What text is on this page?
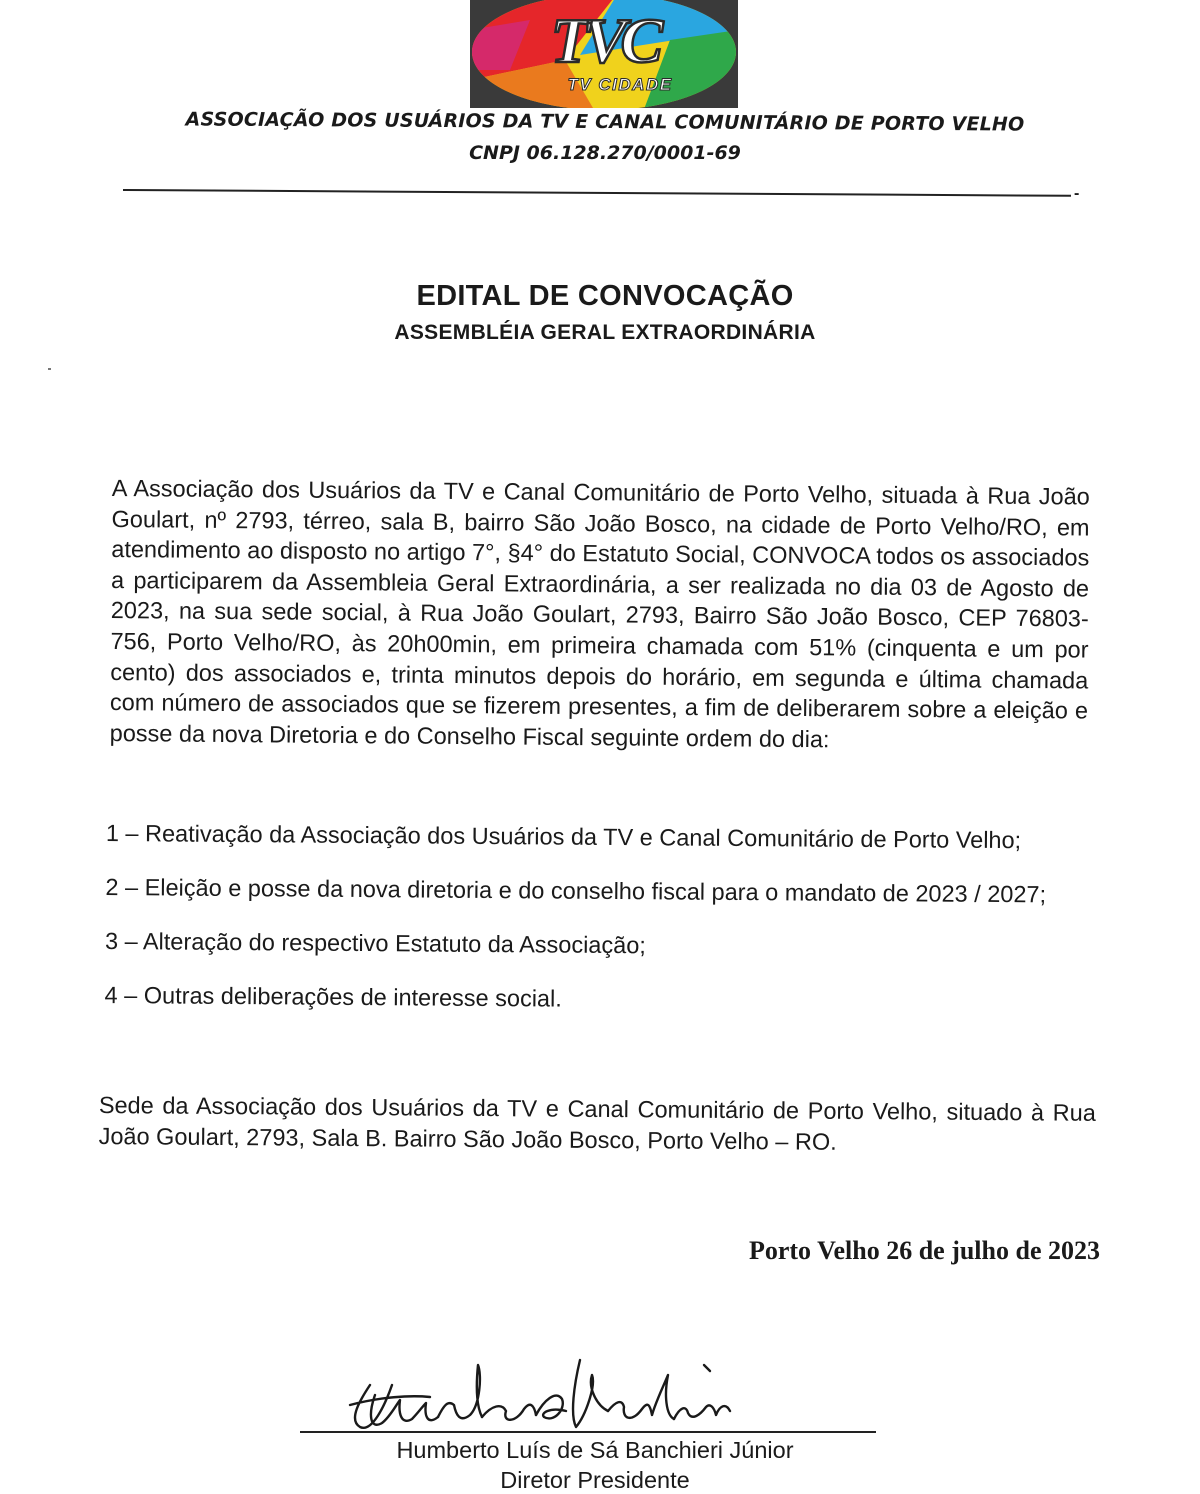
TVC
TV CIDADE
ASSOCIAÇÃO DOS USUÁRIOS DA TV E CANAL COMUNITÁRIO DE PORTO VELHO
CNPJ 06.128.270/0001-69
-
EDITAL DE CONVOCAÇÃO
ASSEMBLÉIA GERAL EXTRAORDINÁRIA
A Associação dos Usuários da TV e Canal Comunitário de Porto Velho, situada à Rua João Goulart, nº 2793, térreo, sala B, bairro São João Bosco, na cidade de Porto Velho/RO, em atendimento ao disposto no artigo 7°, §4° do Estatuto Social, CONVOCA todos os associados a participarem da Assembleia Geral Extraordinária, a ser realizada no dia 03 de Agosto de 2023, na sua sede social, à Rua João Goulart, 2793, Bairro São João Bosco, CEP 76803-756, Porto Velho/RO, às 20h00min, em primeira chamada com 51% (cinquenta e um por cento) dos associados e, trinta minutos depois do horário, em segunda e última chamada com número de associados que se fizerem presentes, a fim de deliberarem sobre a eleição e posse da nova Diretoria e do Conselho Fiscal seguinte ordem do dia:
1 – Reativação da Associação dos Usuários da TV e Canal Comunitário de Porto Velho;
2 – Eleição e posse da nova diretoria e do conselho fiscal para o mandato de 2023 / 2027;
3 – Alteração do respectivo Estatuto da Associação;
4 – Outras deliberações de interesse social.
Sede da Associação dos Usuários da TV e Canal Comunitário de Porto Velho, situado à Rua João Goulart, 2793, Sala B. Bairro São João Bosco, Porto Velho – RO.
Porto Velho 26 de julho de 2023
Humberto Banchieri
Humberto Luís de Sá Banchieri Júnior
Diretor Presidente
